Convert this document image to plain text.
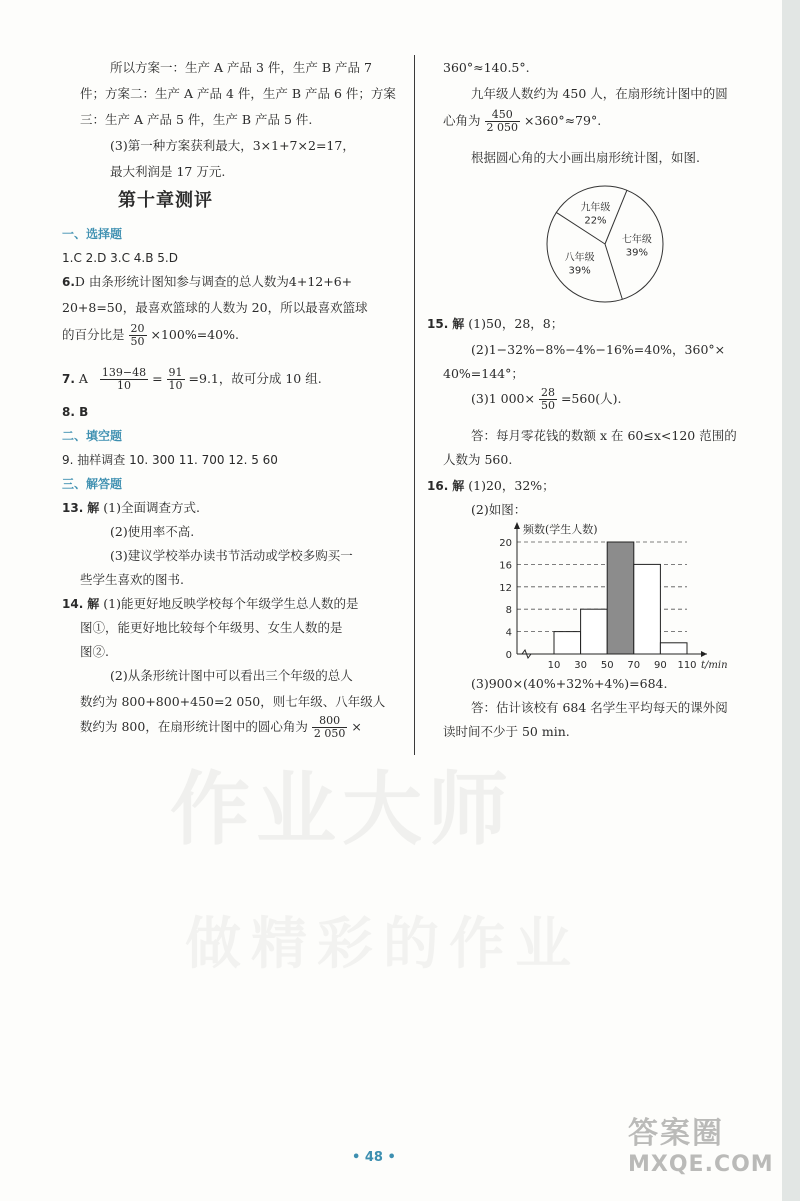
作业大师
所以方案一：生产 A 产品 3 件，生产 B 产品 7
件；方案二：生产 A 产品 4 件，生产 B 产品 6 件；方案
三：生产 A 产品 5 件，生产 B 产品 5 件.
(3)第一种方案获利最大，3×1+7×2=17，
最大利润是 17 万元.
第十章测评
一、选择题
1.C 2.D 3.C 4.B 5.D
6.D 由条形统计图知参与调查的总人数为4+12+6+
20+8=50，最喜欢篮球的人数为 20，所以最喜欢篮球
的百分比是 $\frac{20}{50} \times 100\%=40\%$.
7. A $\frac{139-48}{10} = \frac{91}{10} =9.1$，故可分成 10 组.
8. B
二、填空题
9. 抽样调查 10. 300 11. 700 12. 5 60
三、解答题
13. 解 (1)全面调查方式.
(2)使用率不高.
(3)建议学校举办读书节活动或学校多购买一
些学生喜欢的图书.
14. 解 (1)能更好地反映学校每个年级学生总人数的是
图①，能更好地比较每个年级男、女生人数的是
图②.
(2)从条形统计图中可以看出三个年级的总人
数约为 800+800+450=2 050，则七年级、八年级人
数约为 800，在扇形统计图中的圆心角为 $\frac{800}{2 050}$ ×
360°≈140.5°.
九年级人数约为 450 人，在扇形统计图中的圆
心角为 $\frac{450}{2 050} \times 360^\circ\approx 79^\circ$.
根据圆心角的大小画出扇形统计图，如图.
九年级
22%
七年级
39%
八年级
39%
15. 解 (1)50，28，8；
(2)1−32%−8%−4%−16%=40%，360°×
40%=144°；
(3)1 $000\times \frac{28}{50} =560$(人).
答：每月零花钱的数额 x 在 60≤x<120 范围的
人数为 560.
16. 解 (1)20，32%；
(2)如图：
0
4
8
12
16
20
10 30 50 70 90 110 t/min
频数(学生人数)
(3)900×(40%+32%+4%)=684.
答：估计该校有 684 名学生平均每天的课外阅
读时间不少于 50 min.
• 48 •
答案圈
MXQE.COM
